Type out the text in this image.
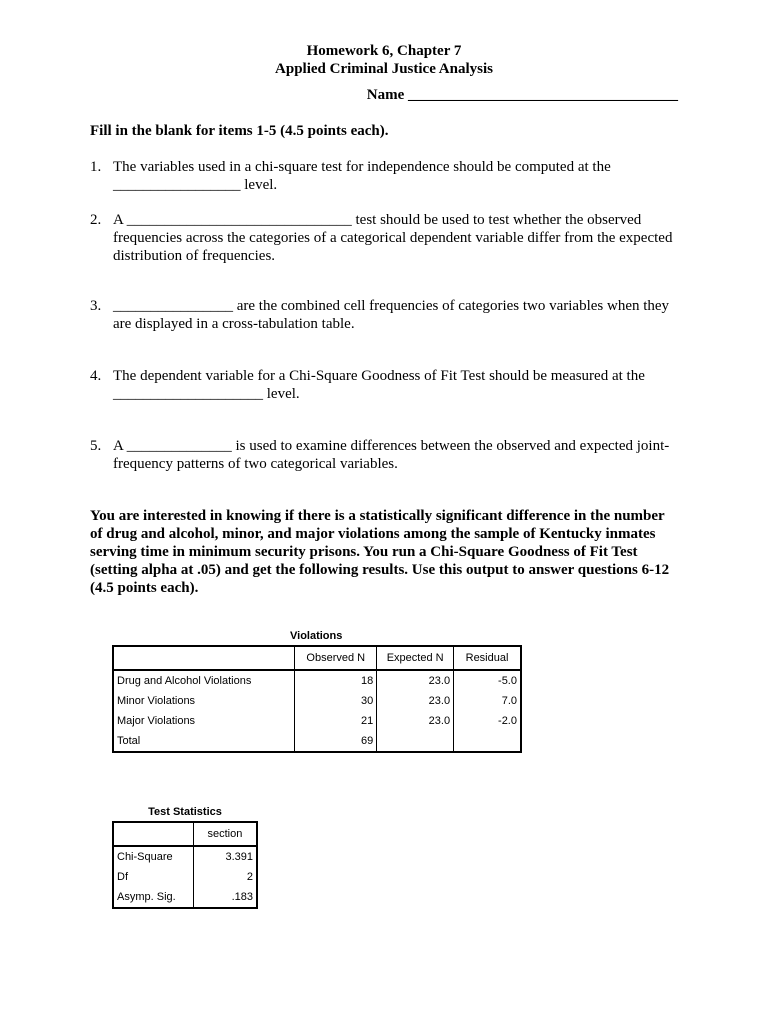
Homework 6, Chapter 7
Applied Criminal Justice Analysis
Name ____________________________________
Fill in the blank for items 1-5 (4.5 points each).
1. The variables used in a chi-square test for independence should be computed at the
_________________ level.
2. A ______________________________ test should be used to test whether the observed
frequencies across the categories of a categorical dependent variable differ from the expected
distribution of frequencies.
3. ________________ are the combined cell frequencies of categories two variables when they
are displayed in a cross-tabulation table.
4. The dependent variable for a Chi-Square Goodness of Fit Test should be measured at the
____________________ level.
5. A ______________ is used to examine differences between the observed and expected joint-
frequency patterns of two categorical variables.
You are interested in knowing if there is a statistically significant difference in the number of drug and alcohol, minor, and major violations among the sample of Kentucky inmates serving time in minimum security prisons. You run a Chi-Square Goodness of Fit Test (setting alpha at .05) and get the following results. Use this output to answer questions 6-12 (4.5 points each).
Violations
	Observed N	Expected N	Residual
Drug and Alcohol Violations	18	23.0	-5.0
Minor Violations	30	23.0	7.0
Major Violations	21	23.0	-2.0
Total	69		
Test Statistics
	section
Chi-Square	3.391
Df	2
Asymp. Sig.	.183
